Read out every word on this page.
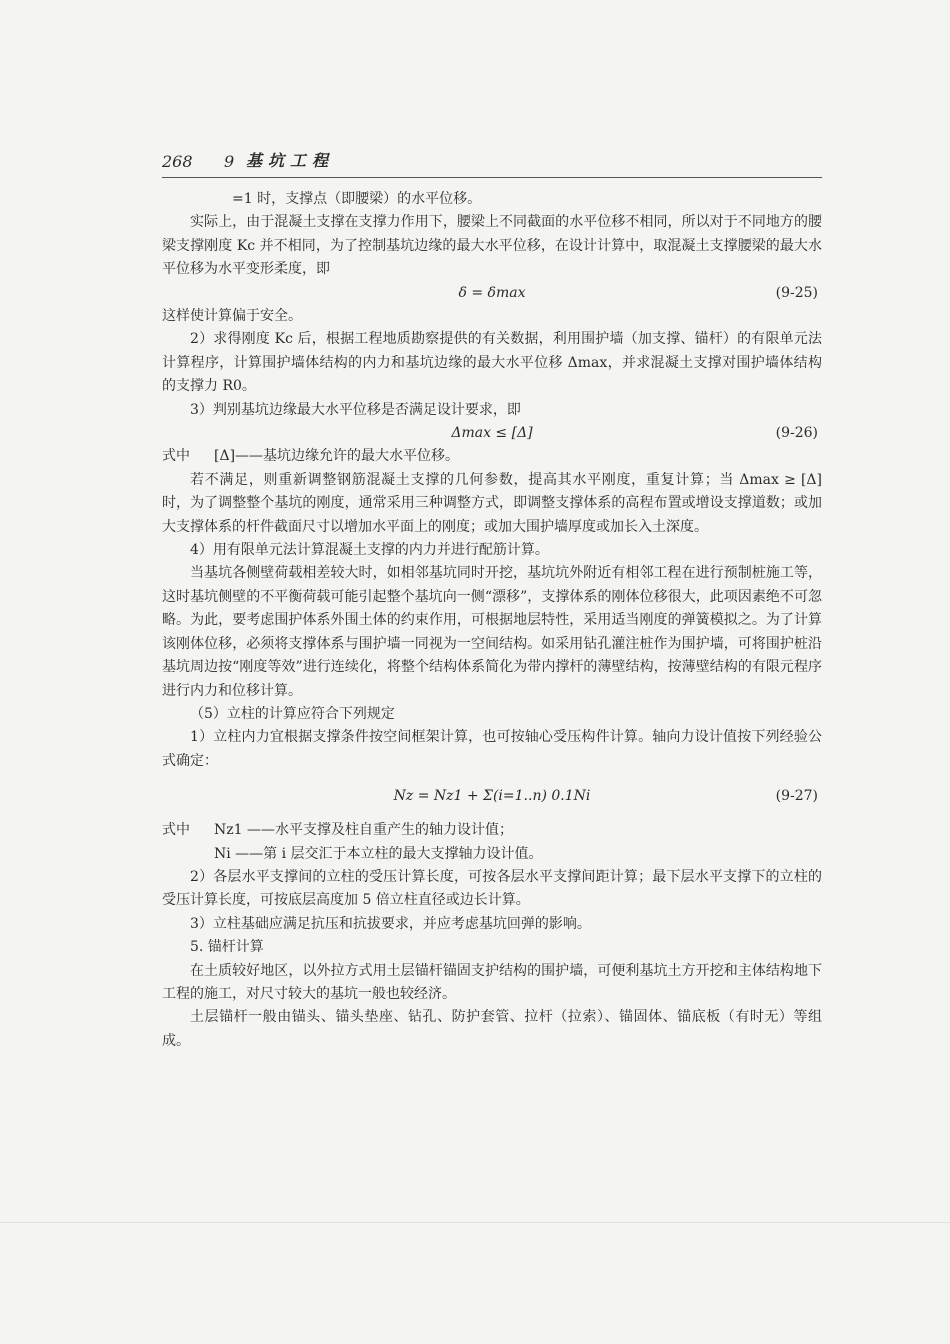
268	9 基坑工程

=1 时，支撑点（即腰梁）的水平位移。

实际上，由于混凝土支撑在支撑力作用下，腰梁上不同截面的水平位移不相同，所以对于不同地方的腰梁支撑刚度 Kc 并不相同，为了控制基坑边缘的最大水平位移，在设计计算中，取混凝土支撑腰梁的最大水平位移为水平变形柔度，即

δ = δmax	(9-25)

这样使计算偏于安全。

2）求得刚度 Kc 后，根据工程地质勘察提供的有关数据，利用围护墙（加支撑、锚杆）的有限单元法计算程序，计算围护墙体结构的内力和基坑边缘的最大水平位移 Δmax，并求混凝土支撑对围护墙体结构的支撑力 R0。

3）判别基坑边缘最大水平位移是否满足设计要求，即

Δmax ≤ [Δ]	(9-26)
式中	[Δ]——基坑边缘允许的最大水平位移。

若不满足，则重新调整钢筋混凝土支撑的几何参数，提高其水平刚度，重复计算；当 Δmax ≥ [Δ] 时，为了调整整个基坑的刚度，通常采用三种调整方式，即调整支撑体系的高程布置或增设支撑道数；或加大支撑体系的杆件截面尺寸以增加水平面上的刚度；或加大围护墙厚度或加长入土深度。

4）用有限单元法计算混凝土支撑的内力并进行配筋计算。

当基坑各侧壁荷载相差较大时，如相邻基坑同时开挖，基坑坑外附近有相邻工程在进行预制桩施工等，这时基坑侧壁的不平衡荷载可能引起整个基坑向一侧“漂移”，支撑体系的刚体位移很大，此项因素绝不可忽略。为此，要考虑围护体系外围土体的约束作用，可根据地层特性，采用适当刚度的弹簧模拟之。为了计算该刚体位移，必须将支撑体系与围护墙一同视为一空间结构。如采用钻孔灌注桩作为围护墙，可将围护桩沿基坑周边按“刚度等效”进行连续化，将整个结构体系简化为带内撑杆的薄壁结构，按薄壁结构的有限元程序进行内力和位移计算。

（5）立柱的计算应符合下列规定

1）立柱内力宜根据支撑条件按空间框架计算，也可按轴心受压构件计算。轴向力设计值按下列经验公式确定：

Nz = Nz1 + Σ(i=1..n) 0.1Ni	(9-27)
式中	Nz1 ——水平支撑及柱自重产生的轴力设计值；

Ni ——第 i 层交汇于本立柱的最大支撑轴力设计值。

2）各层水平支撑间的立柱的受压计算长度，可按各层水平支撑间距计算；最下层水平支撑下的立柱的受压计算长度，可按底层高度加 5 倍立柱直径或边长计算。

3）立柱基础应满足抗压和抗拔要求，并应考虑基坑回弹的影响。

5. 锚杆计算

在土质较好地区，以外拉方式用土层锚杆锚固支护结构的围护墙，可便利基坑土方开挖和主体结构地下工程的施工，对尺寸较大的基坑一般也较经济。

土层锚杆一般由锚头、锚头垫座、钻孔、防护套管、拉杆（拉索）、锚固体、锚底板（有时无）等组成。
